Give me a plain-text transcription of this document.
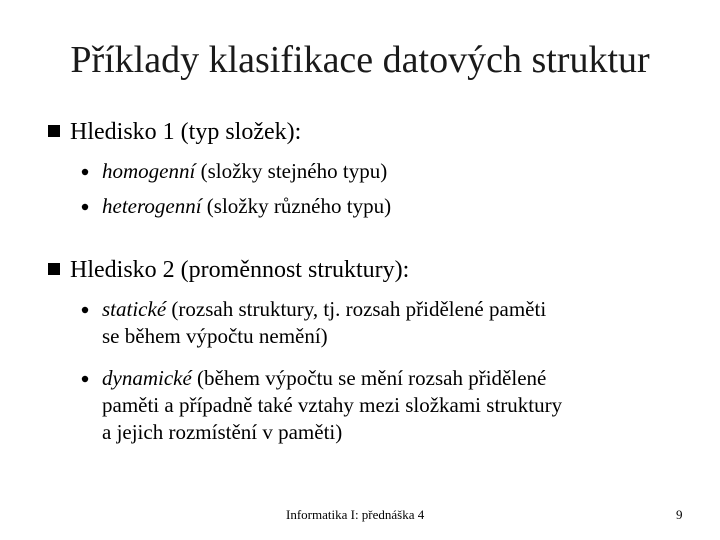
Příklady klasifikace datových struktur
Hledisko 1 (typ složek):
homogenní (složky stejného typu)
heterogenní (složky různého typu)
Hledisko 2 (proměnnost struktury):
statické (rozsah struktury, tj. rozsah přidělené paměti
se během výpočtu nemění)
dynamické (během výpočtu se mění rozsah přidělené
paměti a případně také vztahy mezi složkami struktury
a jejich rozmístění v paměti)
Informatika I: přednáška 4	9
